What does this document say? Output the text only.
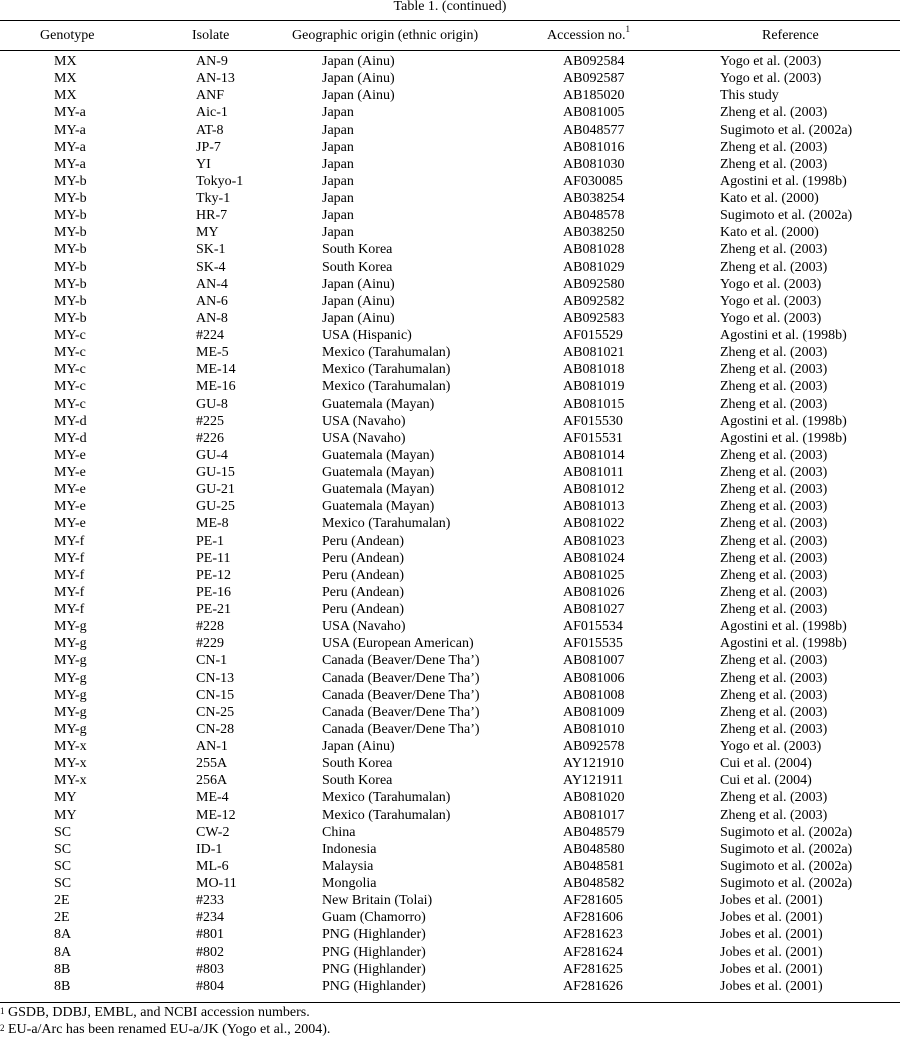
Table 1. (continued)
Genotype	Isolate	Geographic origin (ethnic origin)	Accession no.$^1$	Reference
MX	AN-9	Japan (Ainu)	AB092584	Yogo et al. (2003)
MX	AN-13	Japan (Ainu)	AB092587	Yogo et al. (2003)
MX	ANF	Japan (Ainu)	AB185020	This study
MY-a	Aic-1	Japan	AB081005	Zheng et al. (2003)
MY-a	AT-8	Japan	AB048577	Sugimoto et al. (2002a)
MY-a	JP-7	Japan	AB081016	Zheng et al. (2003)
MY-a	YI	Japan	AB081030	Zheng et al. (2003)
MY-b	Tokyo-1	Japan	AF030085	Agostini et al. (1998b)
MY-b	Tky-1	Japan	AB038254	Kato et al. (2000)
MY-b	HR-7	Japan	AB048578	Sugimoto et al. (2002a)
MY-b	MY	Japan	AB038250	Kato et al. (2000)
MY-b	SK-1	South Korea	AB081028	Zheng et al. (2003)
MY-b	SK-4	South Korea	AB081029	Zheng et al. (2003)
MY-b	AN-4	Japan (Ainu)	AB092580	Yogo et al. (2003)
MY-b	AN-6	Japan (Ainu)	AB092582	Yogo et al. (2003)
MY-b	AN-8	Japan (Ainu)	AB092583	Yogo et al. (2003)
MY-c	#224	USA (Hispanic)	AF015529	Agostini et al. (1998b)
MY-c	ME-5	Mexico (Tarahumalan)	AB081021	Zheng et al. (2003)
MY-c	ME-14	Mexico (Tarahumalan)	AB081018	Zheng et al. (2003)
MY-c	ME-16	Mexico (Tarahumalan)	AB081019	Zheng et al. (2003)
MY-c	GU-8	Guatemala (Mayan)	AB081015	Zheng et al. (2003)
MY-d	#225	USA (Navaho)	AF015530	Agostini et al. (1998b)
MY-d	#226	USA (Navaho)	AF015531	Agostini et al. (1998b)
MY-e	GU-4	Guatemala (Mayan)	AB081014	Zheng et al. (2003)
MY-e	GU-15	Guatemala (Mayan)	AB081011	Zheng et al. (2003)
MY-e	GU-21	Guatemala (Mayan)	AB081012	Zheng et al. (2003)
MY-e	GU-25	Guatemala (Mayan)	AB081013	Zheng et al. (2003)
MY-e	ME-8	Mexico (Tarahumalan)	AB081022	Zheng et al. (2003)
MY-f	PE-1	Peru (Andean)	AB081023	Zheng et al. (2003)
MY-f	PE-11	Peru (Andean)	AB081024	Zheng et al. (2003)
MY-f	PE-12	Peru (Andean)	AB081025	Zheng et al. (2003)
MY-f	PE-16	Peru (Andean)	AB081026	Zheng et al. (2003)
MY-f	PE-21	Peru (Andean)	AB081027	Zheng et al. (2003)
MY-g	#228	USA (Navaho)	AF015534	Agostini et al. (1998b)
MY-g	#229	USA (European American)	AF015535	Agostini et al. (1998b)
MY-g	CN-1	Canada (Beaver/Dene Tha’)	AB081007	Zheng et al. (2003)
MY-g	CN-13	Canada (Beaver/Dene Tha’)	AB081006	Zheng et al. (2003)
MY-g	CN-15	Canada (Beaver/Dene Tha’)	AB081008	Zheng et al. (2003)
MY-g	CN-25	Canada (Beaver/Dene Tha’)	AB081009	Zheng et al. (2003)
MY-g	CN-28	Canada (Beaver/Dene Tha’)	AB081010	Zheng et al. (2003)
MY-x	AN-1	Japan (Ainu)	AB092578	Yogo et al. (2003)
MY-x	255A	South Korea	AY121910	Cui et al. (2004)
MY-x	256A	South Korea	AY121911	Cui et al. (2004)
MY	ME-4	Mexico (Tarahumalan)	AB081020	Zheng et al. (2003)
MY	ME-12	Mexico (Tarahumalan)	AB081017	Zheng et al. (2003)
SC	CW-2	China	AB048579	Sugimoto et al. (2002a)
SC	ID-1	Indonesia	AB048580	Sugimoto et al. (2002a)
SC	ML-6	Malaysia	AB048581	Sugimoto et al. (2002a)
SC	MO-11	Mongolia	AB048582	Sugimoto et al. (2002a)
2E	#233	New Britain (Tolai)	AF281605	Jobes et al. (2001)
2E	#234	Guam (Chamorro)	AF281606	Jobes et al. (2001)
8A	#801	PNG (Highlander)	AF281623	Jobes et al. (2001)
8A	#802	PNG (Highlander)	AF281624	Jobes et al. (2001)
8B	#803	PNG (Highlander)	AF281625	Jobes et al. (2001)
8B	#804	PNG (Highlander)	AF281626	Jobes et al. (2001)
$^1$ GSDB, DDBJ, EMBL, and NCBI accession numbers.
$^2$ EU-a/Arc has been renamed EU-a/JK (Yogo et al., 2004).
